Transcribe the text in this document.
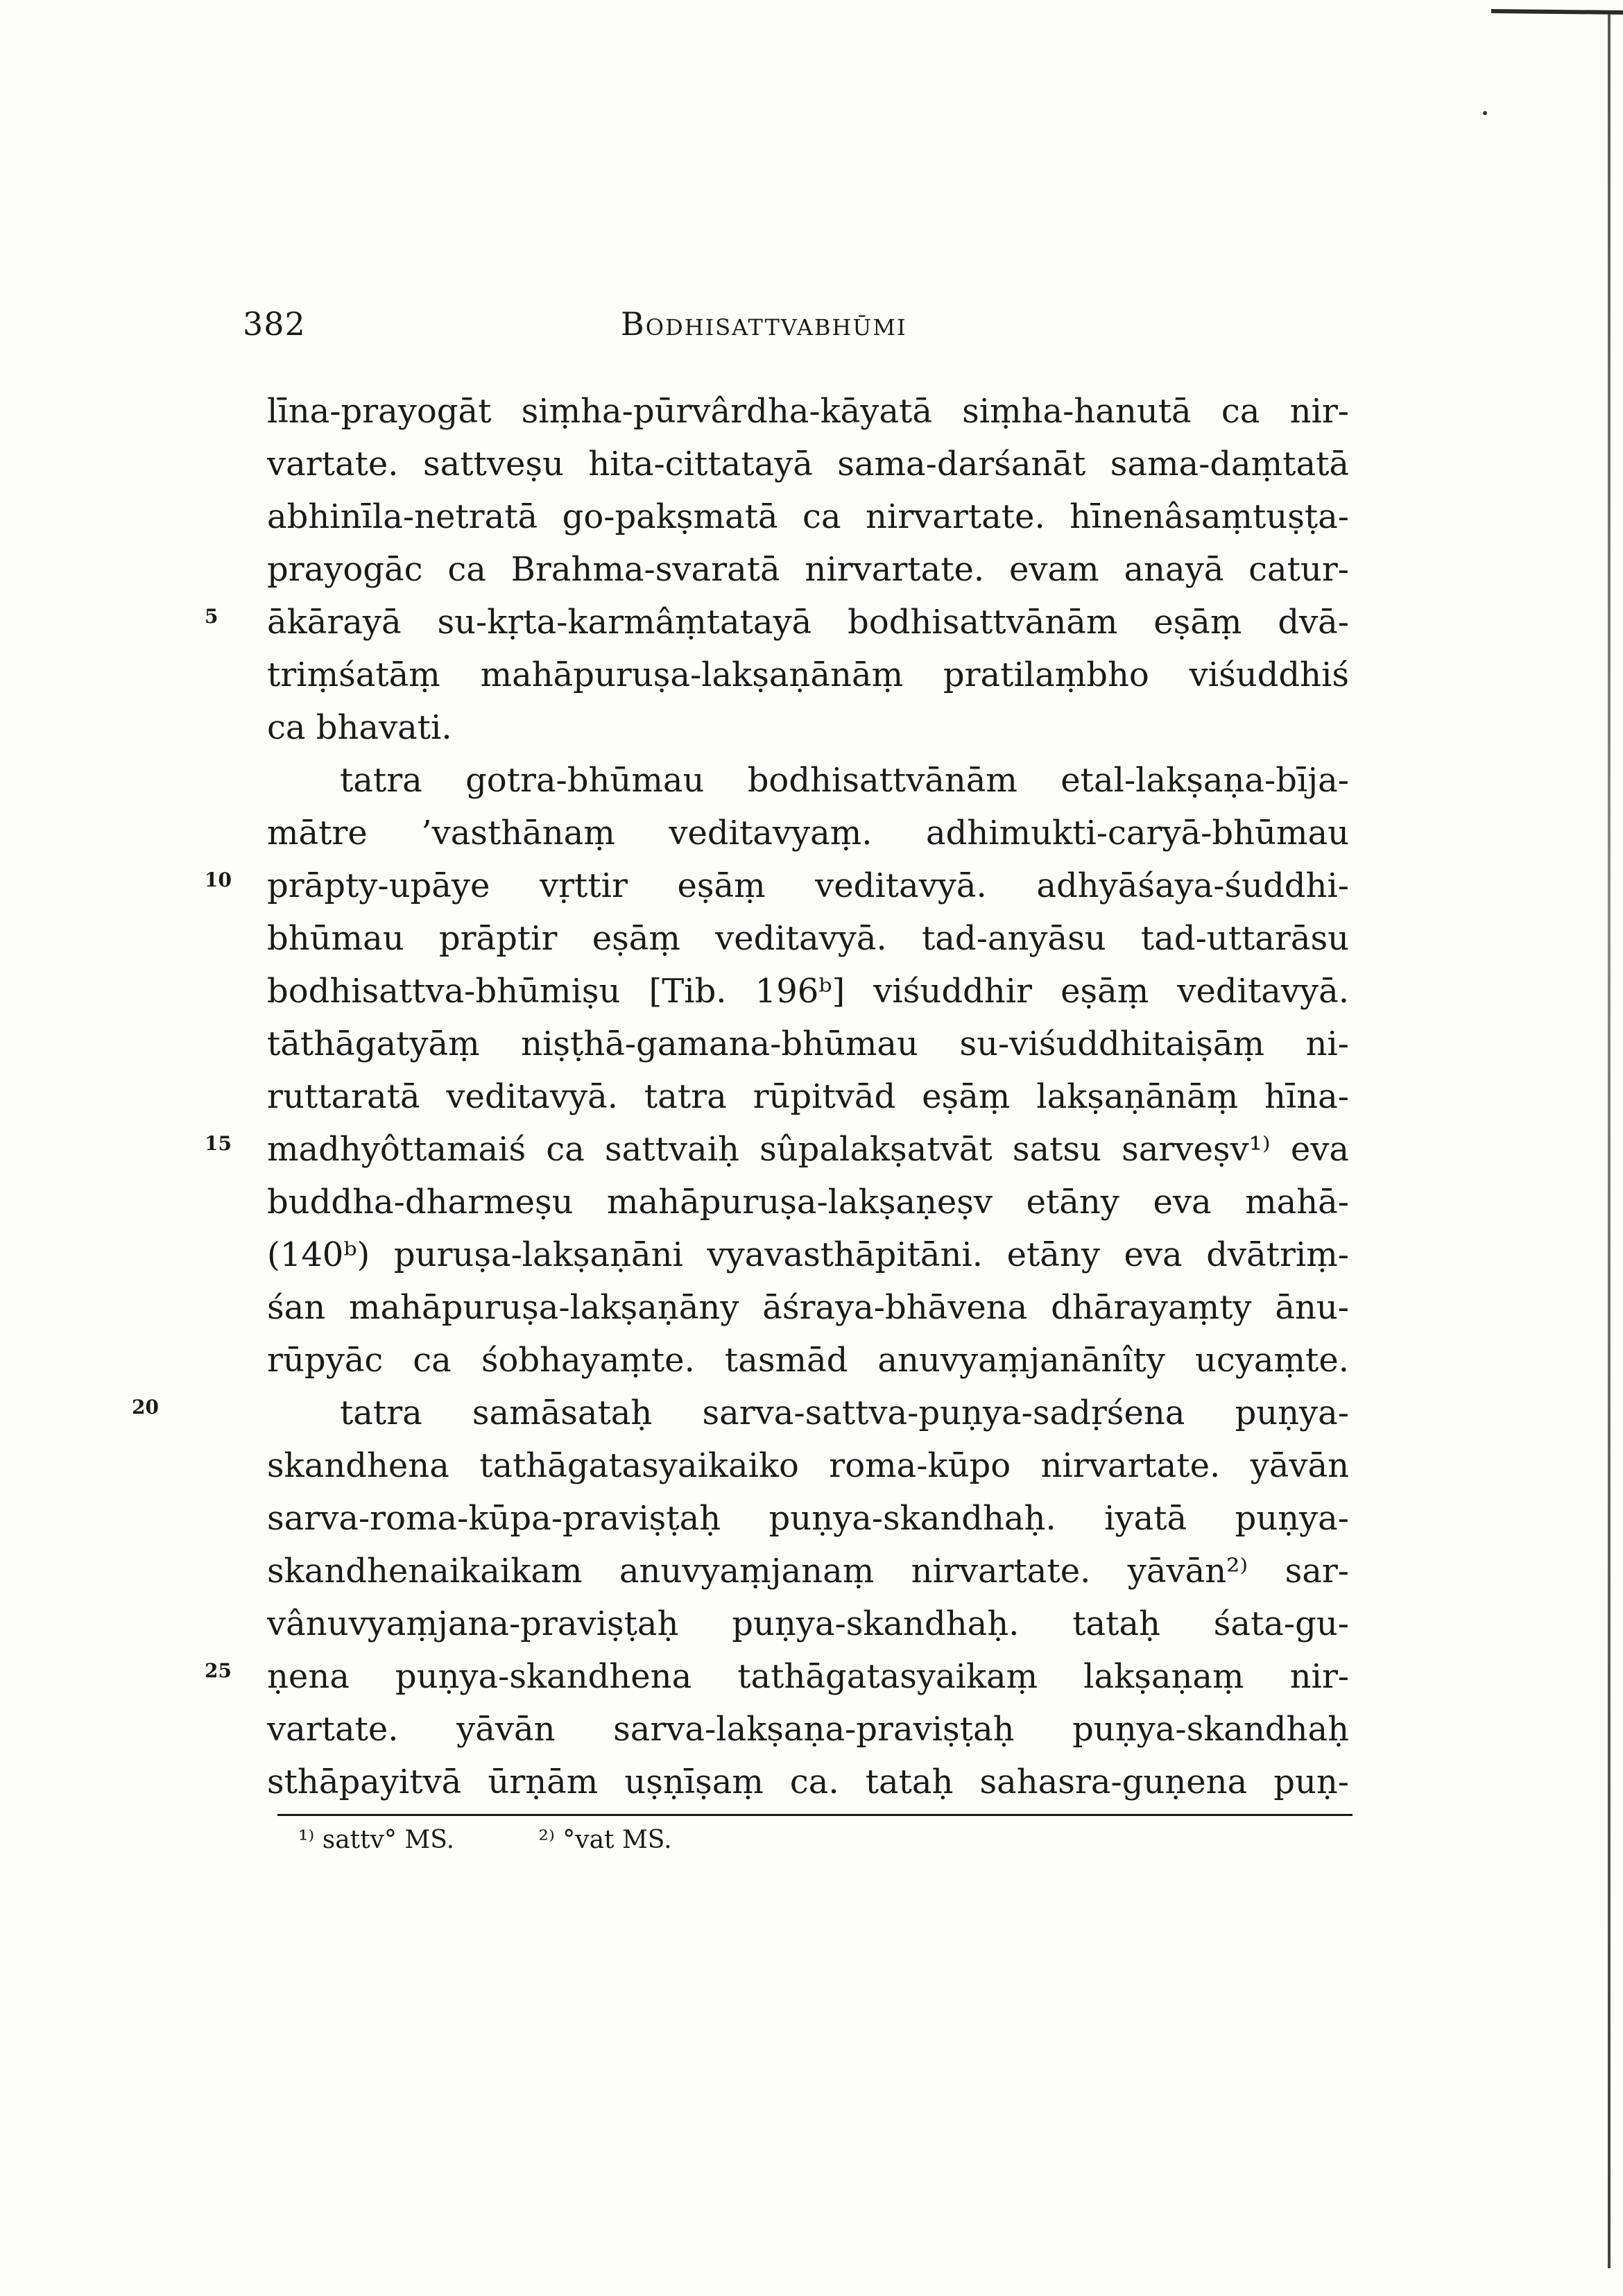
382	Bodhisattvabhūmi
līna-prayogāt siṃha-pūrvârdha-kāyatā siṃha-hanutā ca nir-
vartate. sattveṣu hita-cittatayā sama-darśanāt sama-daṃtatā
abhinīla-netratā go-pakṣmatā ca nirvartate. hīnenâsaṃtuṣṭa-
prayogāc ca Brahma-svaratā nirvartate. evam anayā catur-
5 ākārayā su-kṛta-karmâṃtatayā bodhisattvānām eṣāṃ dvā-
triṃśatāṃ mahāpuruṣa-lakṣaṇānāṃ pratilaṃbho viśuddhiś
ca bhavati.
tatra gotra-bhūmau bodhisattvānām etal-lakṣaṇa-bīja-
mātre ’vasthānaṃ veditavyaṃ. adhimukti-caryā-bhūmau
10 prāpty-upāye vṛttir eṣāṃ veditavyā. adhyāśaya-śuddhi-
bhūmau prāptir eṣāṃ veditavyā. tad-anyāsu tad-uttarāsu
bodhisattva-bhūmiṣu [Tib. 196ᵇ] viśuddhir eṣāṃ veditavyā.
tāthāgatyāṃ niṣṭhā-gamana-bhūmau su-viśuddhitaiṣāṃ ni-
ruttaratā veditavyā. tatra rūpitvād eṣāṃ lakṣaṇānāṃ hīna-
15 madhyôttamaiś ca sattvaiḥ sûpalakṣatvāt satsu sarveṣv¹⁾ eva
buddha-dharmeṣu mahāpuruṣa-lakṣaṇeṣv etāny eva mahā-
(140ᵇ) puruṣa-lakṣaṇāni vyavasthāpitāni. etāny eva dvātriṃ-
śan mahāpuruṣa-lakṣaṇāny āśraya-bhāvena dhārayaṃty ānu-
rūpyāc ca śobhayaṃte. tasmād anuvyaṃjanānîty ucyaṃte.
20	tatra samāsataḥ sarva-sattva-puṇya-sadṛśena puṇya-
skandhena tathāgatasyaikaiko roma-kūpo nirvartate. yāvān
sarva-roma-kūpa-praviṣṭaḥ puṇya-skandhaḥ. iyatā puṇya-
skandhenaikaikam anuvyaṃjanaṃ nirvartate. yāvān²⁾ sar-
vânuvyaṃjana-praviṣṭaḥ puṇya-skandhaḥ. tataḥ śata-gu-
25 ṇena puṇya-skandhena tathāgatasyaikaṃ lakṣaṇaṃ nir-
vartate. yāvān sarva-lakṣaṇa-praviṣṭaḥ puṇya-skandhaḥ
sthāpayitvā ūrṇām uṣṇīṣaṃ ca. tataḥ sahasra-guṇena puṇ-
¹⁾ sattv° MS.	²⁾ °vat MS.
